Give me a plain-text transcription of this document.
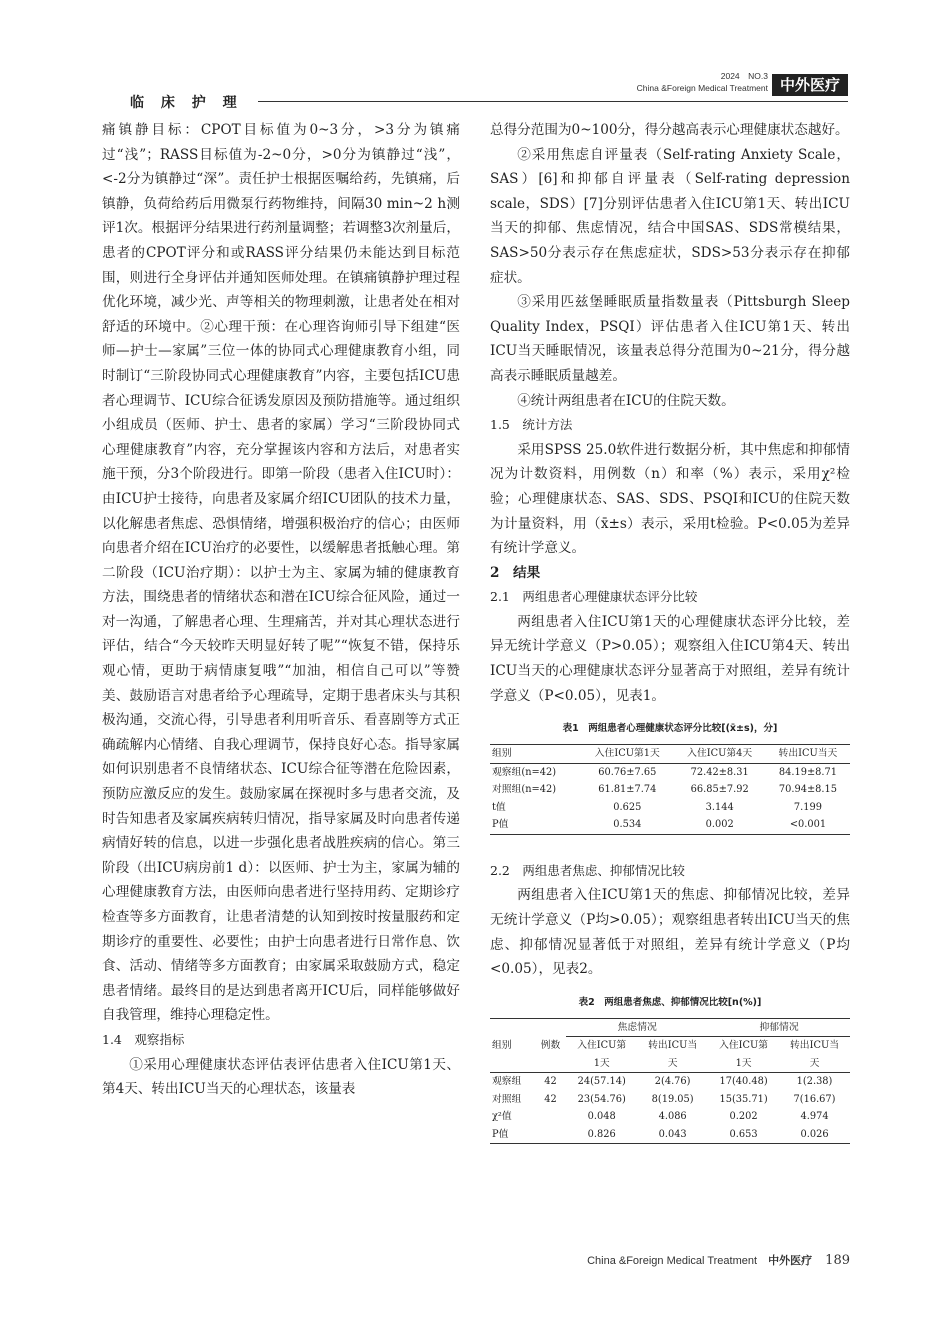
临 床 护 理
2024　NO.3
China &Foreign Medical Treatment 中外医疗

痛镇静目标：CPOT目标值为0~3分，>3分为镇痛过“浅”；RASS目标值为-2~0分，>0分为镇静过“浅”，<-2分为镇静过“深”。责任护士根据医嘱给药，先镇痛，后镇静，负荷给药后用微泵行药物维持，间隔30 min~2 h测评1次。根据评分结果进行药剂量调整；若调整3次剂量后，患者的CPOT评分和或RASS评分结果仍未能达到目标范围，则进行全身评估并通知医师处理。在镇痛镇静护理过程优化环境，减少光、声等相关的物理刺激，让患者处在相对舒适的环境中。②心理干预：在心理咨询师引导下组建“医师—护士—家属”三位一体的协同式心理健康教育小组，同时制订“三阶段协同式心理健康教育”内容，主要包括ICU患者心理调节、ICU综合征诱发原因及预防措施等。通过组织小组成员（医师、护士、患者的家属）学习“三阶段协同式心理健康教育”内容，充分掌握该内容和方法后，对患者实施干预，分3个阶段进行。即第一阶段（患者入住ICU时）：由ICU护士接待，向患者及家属介绍ICU团队的技术力量，以化解患者焦虑、恐惧情绪，增强积极治疗的信心；由医师向患者介绍在ICU治疗的必要性，以缓解患者抵触心理。第二阶段（ICU治疗期）：以护士为主、家属为辅的健康教育方法，围绕患者的情绪状态和潜在ICU综合征风险，通过一对一沟通，了解患者心理、生理痛苦，并对其心理状态进行评估，结合“今天较昨天明显好转了呢”“恢复不错，保持乐观心情，更助于病情康复哦”“加油，相信自己可以”等赞美、鼓励语言对患者给予心理疏导，定期于患者床头与其积极沟通，交流心得，引导患者利用听音乐、看喜剧等方式正确疏解内心情绪、自我心理调节，保持良好心态。指导家属如何识别患者不良情绪状态、ICU综合征等潜在危险因素，预防应激反应的发生。鼓励家属在探视时多与患者交流，及时告知患者及家属疾病转归情况，指导家属及时向患者传递病情好转的信息，以进一步强化患者战胜疾病的信心。第三阶段（出ICU病房前1 d）：以医师、护士为主，家属为辅的心理健康教育方法，由医师向患者进行坚持用药、定期诊疗检查等多方面教育，让患者清楚的认知到按时按量服药和定期诊疗的重要性、必要性；由护士向患者进行日常作息、饮食、活动、情绪等多方面教育；由家属采取鼓励方式，稳定患者情绪。最终目的是达到患者离开ICU后，同样能够做好自我管理，维持心理稳定性。

1.4　观察指标

①采用心理健康状态评估表评估患者入住ICU第1天、第4天、转出ICU当天的心理状态，该量表

总得分范围为0~100分，得分越高表示心理健康状态越好。

②采用焦虑自评量表（Self-rating Anxiety Scale，SAS）[6]和抑郁自评量表（Self-rating depression scale，SDS）[7]分别评估患者入住ICU第1天、转出ICU当天的抑郁、焦虑情况，结合中国SAS、SDS常模结果，SAS>50分表示存在焦虑症状，SDS>53分表示存在抑郁症状。

③采用匹兹堡睡眠质量指数量表（Pittsburgh Sleep Quality Index，PSQI）评估患者入住ICU第1天、转出ICU当天睡眠情况，该量表总得分范围为0~21分，得分越高表示睡眠质量越差。

④统计两组患者在ICU的住院天数。

1.5　统计方法

采用SPSS 25.0软件进行数据分析，其中焦虑和抑郁情况为计数资料，用例数（n）和率（%）表示，采用χ²检验；心理健康状态、SAS、SDS、PSQI和ICU的住院天数为计量资料，用（x̄±s）表示，采用t检验。P<0.05为差异有统计学意义。

2　结果

2.1　两组患者心理健康状态评分比较

两组患者入住ICU第1天的心理健康状态评分比较，差异无统计学意义（P>0.05）；观察组入住ICU第4天、转出ICU当天的心理健康状态评分显著高于对照组，差异有统计学意义（P<0.05），见表1。

表1　两组患者心理健康状态评分比较[(x̄±s)，分]
组别	入住ICU第1天	入住ICU第4天	转出ICU当天
观察组(n=42)	60.76±7.65	72.42±8.31	84.19±8.71
对照组(n=42)	61.81±7.74	66.85±7.92	70.94±8.15
t值	0.625	3.144	7.199
P值	0.534	0.002	<0.001

2.2　两组患者焦虑、抑郁情况比较

两组患者入住ICU第1天的焦虑、抑郁情况比较，差异无统计学意义（P均>0.05）；观察组患者转出ICU当天的焦虑、抑郁情况显著低于对照组，差异有统计学意义（P均<0.05），见表2。

表2　两组患者焦虑、抑郁情况比较[n(%)]
组别	例数	焦虑情况		抑郁情况	
		入住ICU第	转出ICU当	入住ICU第	转出ICU当
		1天	天	1天	天
观察组	42	24(57.14)	2(4.76)	17(40.48)	1(2.38)
对照组	42	23(54.76)	8(19.05)	15(35.71)	7(16.67)
χ²值		0.048	4.086	0.202	4.974
P值		0.826	0.043	0.653	0.026
China &Foreign Medical Treatment 中外医疗 189
